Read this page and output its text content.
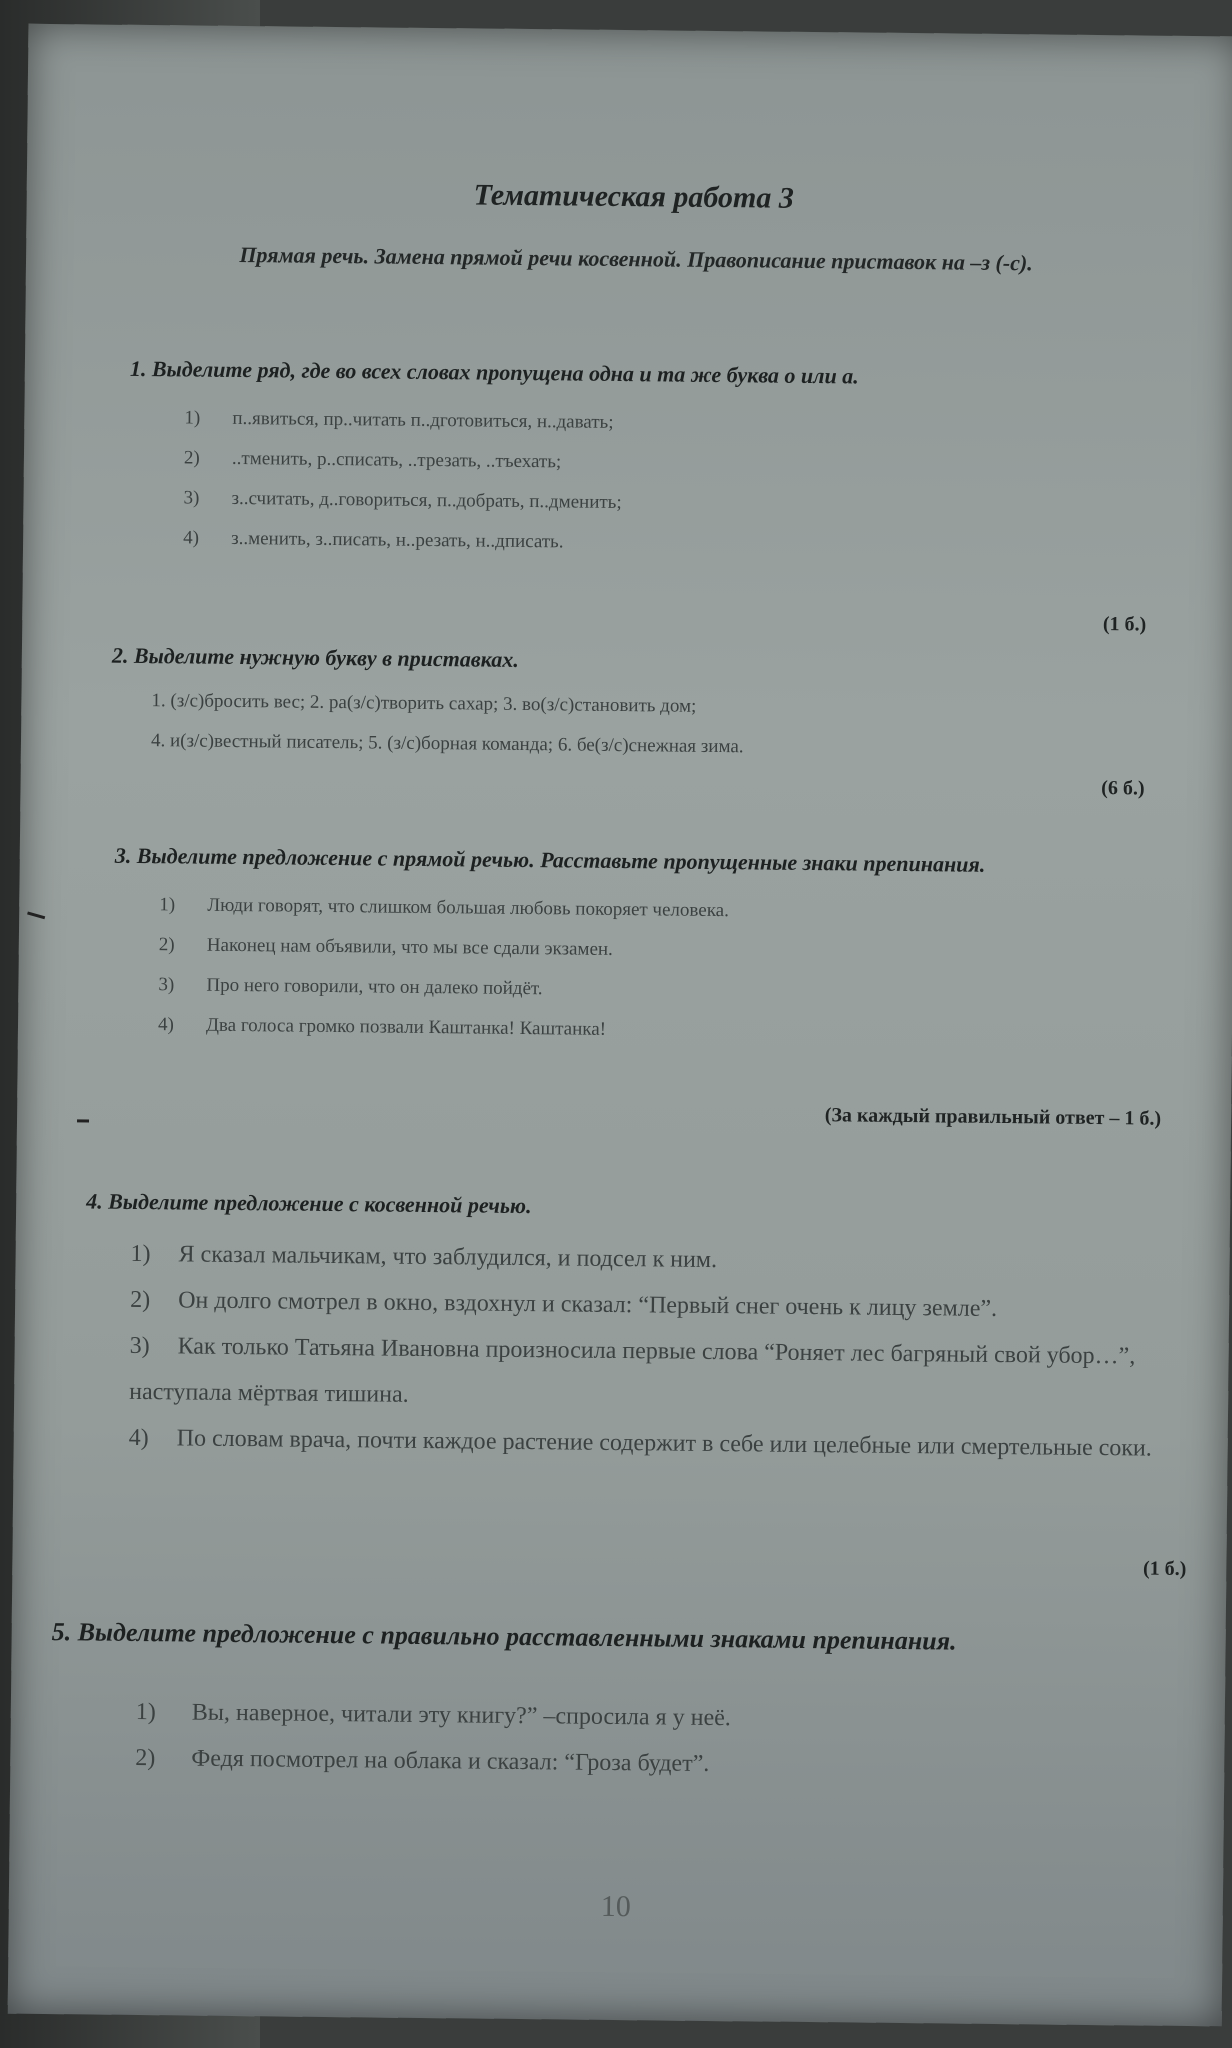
Тематическая работа 3
Прямая речь. Замена прямой речи косвенной. Правописание приставок на –з (-с).

1. Выделите ряд, где во всех словах пропущена одна и та же буква о или а.

1) п..явиться, пр..читать п..дготовиться, н..давать;
2) ..тменить, р..списать, ..трезать, ..тъехать;
3) з..считать, д..говориться, п..добрать, п..дменить;
4) з..менить, з..писать, н..резать, н..дписать.
(1 б.)

2. Выделите нужную букву в приставках.

1. (з/с)бросить вес; 2. ра(з/с)творить сахар; 3. во(з/с)становить дом;
4. и(з/с)вестный писатель; 5. (з/с)борная команда; 6. бе(з/с)снежная зима.
(6 б.)

3. Выделите предложение с прямой речью. Расставьте пропущенные знаки препинания.

1) Люди говорят, что слишком большая любовь покоряет человека.
2) Наконец нам объявили, что мы все сдали экзамен.
3) Про него говорили, что он далеко пойдёт.
4) Два голоса громко позвали Каштанка! Каштанка!
(За каждый правильный ответ – 1 б.)

4. Выделите предложение с косвенной речью.

1) Я сказал мальчикам, что заблудился, и подсел к ним.
2) Он долго смотрел в окно, вздохнул и сказал: “Первый снег очень к лицу земле”.
3) Как только Татьяна Ивановна произносила первые слова “Роняет лес багряный свой убор…”, наступала мёртвая тишина.
4) По словам врача, почти каждое растение содержит в себе или целебные или смертельные соки.
(1 б.)

5. Выделите предложение с правильно расставленными знаками препинания.

1) Вы, наверное, читали эту книгу?” –спросила я у неё.
2) Федя посмотрел на облака и сказал: “Гроза будет”.
10
